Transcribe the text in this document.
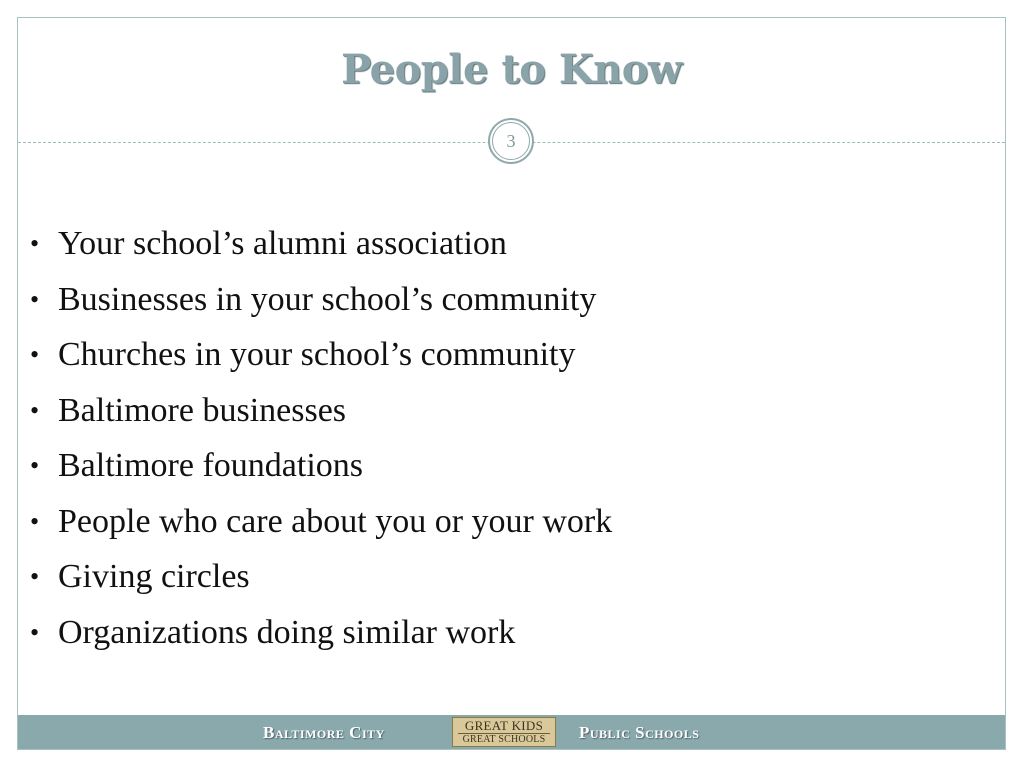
People to Know
3
• Your school’s alumni association
• Businesses in your school’s community
• Churches in your school’s community
• Baltimore businesses
• Baltimore foundations
• People who care about you or your work
• Giving circles
• Organizations doing similar work
Baltimore City	GREAT KIDS
GREAT SCHOOLS Public Schools
